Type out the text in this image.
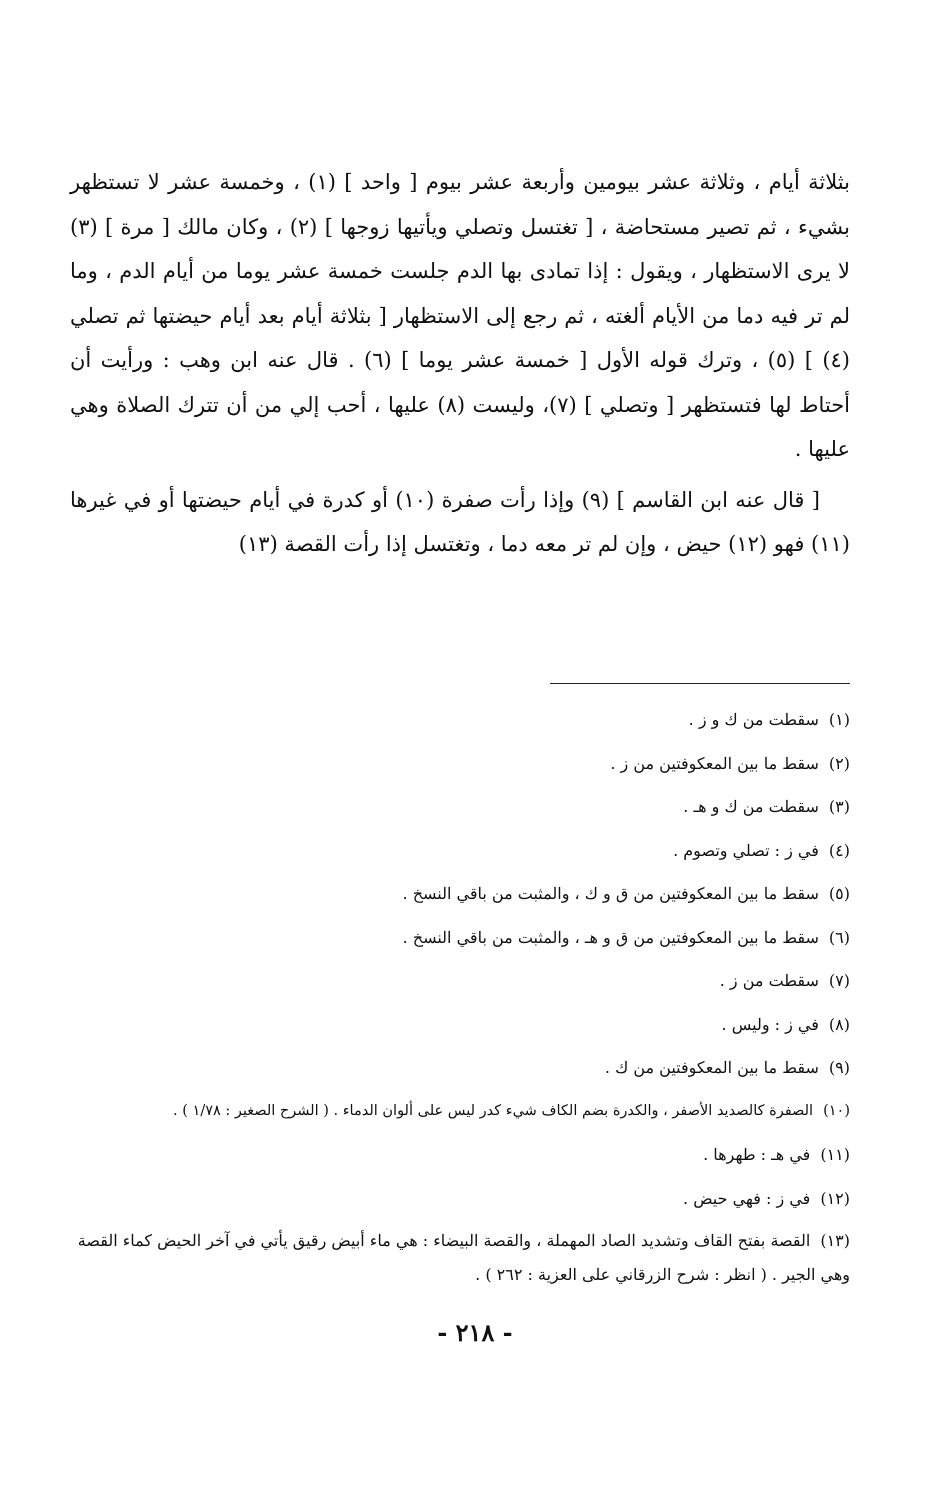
بثلاثة أيام ، وثلاثة عشر بيومين وأربعة عشر بيوم [ واحد ] (١) ، وخمسة عشر لا تستظهر بشيء ، ثم تصير مستحاضة ، [ تغتسل وتصلي ويأتيها زوجها ] (٢) ، وكان مالك [ مرة ] (٣) لا يرى الاستظهار ، ويقول : إذا تمادى بها الدم جلست خمسة عشر يوما من أيام الدم ، وما لم تر فيه دما من الأيام ألغته ، ثم رجع إلى الاستظهار [ بثلاثة أيام بعد أيام حيضتها ثم تصلي (٤) ] (٥) ، وترك قوله الأول [ خمسة عشر يوما ] (٦) . قال عنه ابن وهب : ورأيت أن أحتاط لها فتستظهر [ وتصلي ] (٧)، وليست (٨) عليها ، أحب إلي من أن تترك الصلاة وهي عليها .

[ قال عنه ابن القاسم ] (٩) وإذا رأت صفرة (١٠) أو كدرة في أيام حيضتها أو في غيرها (١١) فهو (١٢) حيض ، وإن لم تر معه دما ، وتغتسل إذا رأت القصة (١٣)

(١)سقطت من ك و ز .
(٢)سقط ما بين المعكوفتين من ز .
(٣)سقطت من ك و هـ .
(٤)في ز : تصلي وتصوم .
(٥)سقط ما بين المعكوفتين من ق و ك ، والمثبت من باقي النسخ .
(٦)سقط ما بين المعكوفتين من ق و هـ ، والمثبت من باقي النسخ .
(٧)سقطت من ز .
(٨)في ز : وليس .
(٩)سقط ما بين المعكوفتين من ك .
(١٠)الصفرة كالصديد الأصفر ، والكدرة بضم الكاف شيء كدر ليس على ألوان الدماء . ( الشرح الصغير : ١/٧٨ ) .
(١١)في هـ : طهرها .
(١٢)في ز : فهي حيض .
(١٣)القصة بفتح القاف وتشديد الصاد المهملة ، والقصة البيضاء : هي ماء أبيض رقيق يأتي في آخر الحيض كماء القصة وهي الجير . ( انظر : شرح الزرقاني على العزية : ٢٦٢ ) .
- ٢١٨ -
